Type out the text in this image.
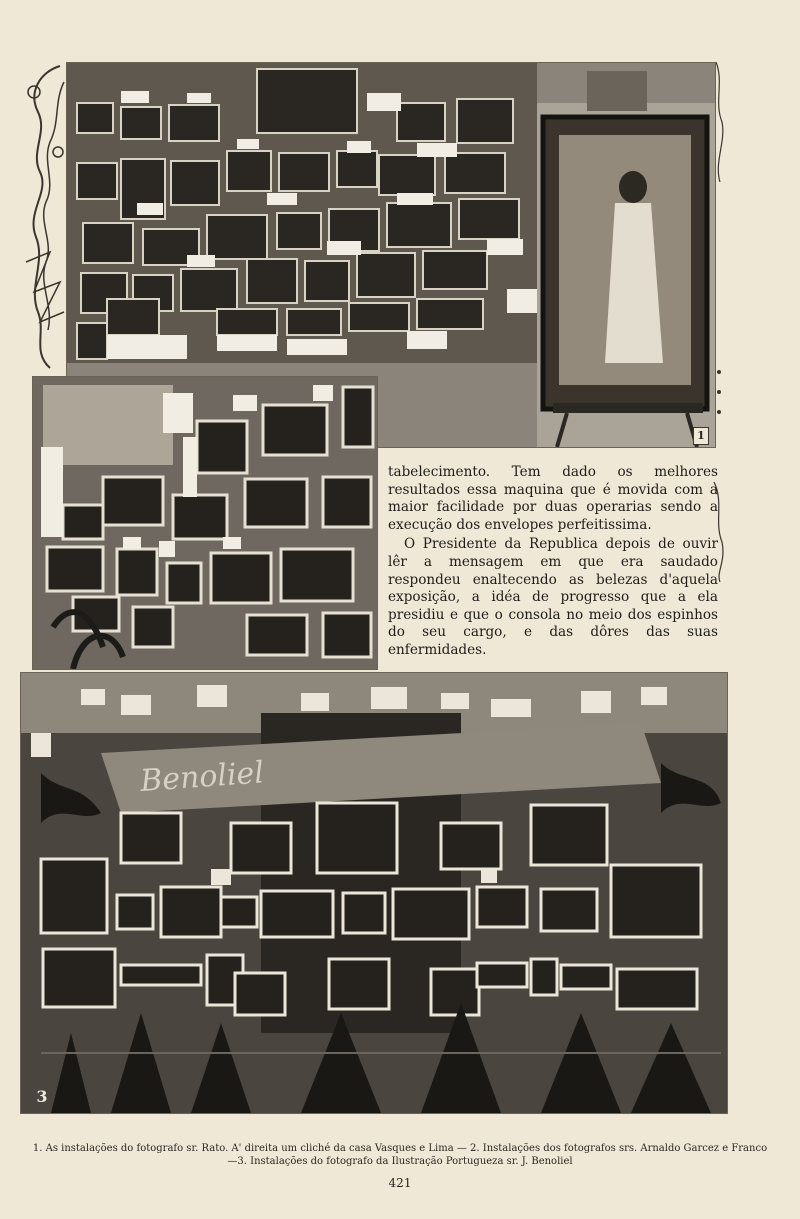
1

tabelecimento. Tem dado os melhores resultados essa maquina que é movida com a maior facilidade por duas operarias sendo a execução dos envelopes perfeitissima.

O Presidente da Republica depois de ouvir lêr a mensagem em que era saudado respondeu enaltecendo as belezas d'aquela exposição, a idéa de progresso que a ela presidiu e que o consola no meio dos espinhos do seu cargo, e das dôres das suas enfermidades.

Benoliel
3
1. As instalações do fotografo sr. Rato. A' direita um cliché da casa Vasques e Lima — 2. Instalações dos fotografos srs. Arnaldo Garcez e Franco—3. Instalações do fotografo da Ilustração Portugueza sr. J. Benoliel
421
